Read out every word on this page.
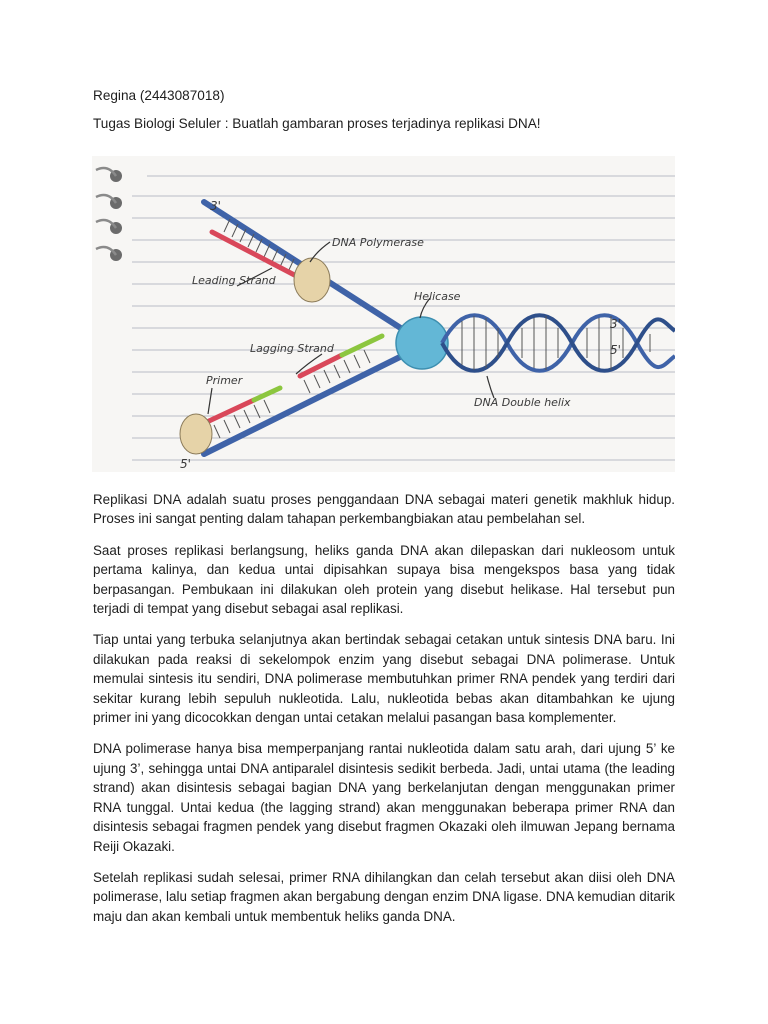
Regina (2443087018)
Tugas Biologi Seluler : Buatlah gambaran proses terjadinya replikasi DNA!
3'
DNA Polymerase
Leading Strand
Helicase
3'
5'
Lagging Strand
Primer
DNA Double helix
5'

Replikasi DNA adalah suatu proses penggandaan DNA sebagai materi genetik makhluk hidup. Proses ini sangat penting dalam tahapan perkembangbiakan atau pembelahan sel.

Saat proses replikasi berlangsung, heliks ganda DNA akan dilepaskan dari nukleosom untuk pertama kalinya, dan kedua untai dipisahkan supaya bisa mengekspos basa yang tidak berpasangan. Pembukaan ini dilakukan oleh protein yang disebut helikase. Hal tersebut pun terjadi di tempat yang disebut sebagai asal replikasi.

Tiap untai yang terbuka selanjutnya akan bertindak sebagai cetakan untuk sintesis DNA baru. Ini dilakukan pada reaksi di sekelompok enzim yang disebut sebagai DNA polimerase. Untuk memulai sintesis itu sendiri, DNA polimerase membutuhkan primer RNA pendek yang terdiri dari sekitar kurang lebih sepuluh nukleotida. Lalu, nukleotida bebas akan ditambahkan ke ujung primer ini yang dicocokkan dengan untai cetakan melalui pasangan basa komplementer.

DNA polimerase hanya bisa memperpanjang rantai nukleotida dalam satu arah, dari ujung 5’ ke ujung 3’, sehingga untai DNA antiparalel disintesis sedikit berbeda. Jadi, untai utama (the leading strand) akan disintesis sebagai bagian DNA yang berkelanjutan dengan menggunakan primer RNA tunggal. Untai kedua (the lagging strand) akan menggunakan beberapa primer RNA dan disintesis sebagai fragmen pendek yang disebut fragmen Okazaki oleh ilmuwan Jepang bernama Reiji Okazaki.

Setelah replikasi sudah selesai, primer RNA dihilangkan dan celah tersebut akan diisi oleh DNA polimerase, lalu setiap fragmen akan bergabung dengan enzim DNA ligase. DNA kemudian ditarik maju dan akan kembali untuk membentuk heliks ganda DNA.
